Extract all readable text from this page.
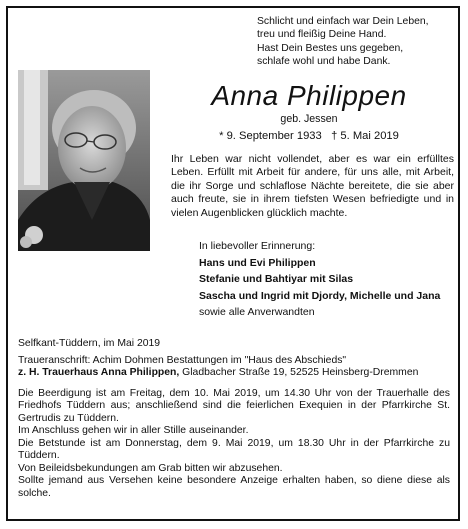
Schlicht und einfach war Dein Leben,
treu und fleißig Deine Hand.
Hast Dein Bestes uns gegeben,
schlafe wohl und habe Dank.
Anna Philippen
geb. Jessen
* 9. September 1933   † 5. Mai 2019
Ihr Leben war nicht vollendet, aber es war ein erfülltes Leben. Erfüllt mit Arbeit für andere, für uns alle, mit Arbeit, die ihr Sorge und schlaflose Nächte bereitete, die sie aber auch freute, sie in ihrem tiefsten Wesen befriedigte und in vielen Augenblicken glücklich machte.
In liebevoller Erinnerung:
Hans und Evi Philippen
Stefanie und Bahtiyar mit Silas
Sascha und Ingrid mit Djordy, Michelle und Jana
sowie alle Anverwandten
Selfkant-Tüddern, im Mai 2019
Traueranschrift: Achim Dohmen Bestattungen im "Haus des Abschieds"
z. H. Trauerhaus Anna Philippen, Gladbacher Straße 19, 52525 Heinsberg-Dremmen
Die Beerdigung ist am Freitag, dem 10. Mai 2019, um 14.30 Uhr von der Trauerhalle des Friedhofs Tüddern aus; anschließend sind die feierlichen Exequien in der Pfarrkirche St. Gertrudis zu Tüddern.
Im Anschluss gehen wir in aller Stille auseinander.
Die Betstunde ist am Donnerstag, dem 9. Mai 2019, um 18.30 Uhr in der Pfarrkirche zu Tüddern.
Von Beileidsbekundungen am Grab bitten wir abzusehen.
Sollte jemand aus Versehen keine besondere Anzeige erhalten haben, so diene diese als solche.
